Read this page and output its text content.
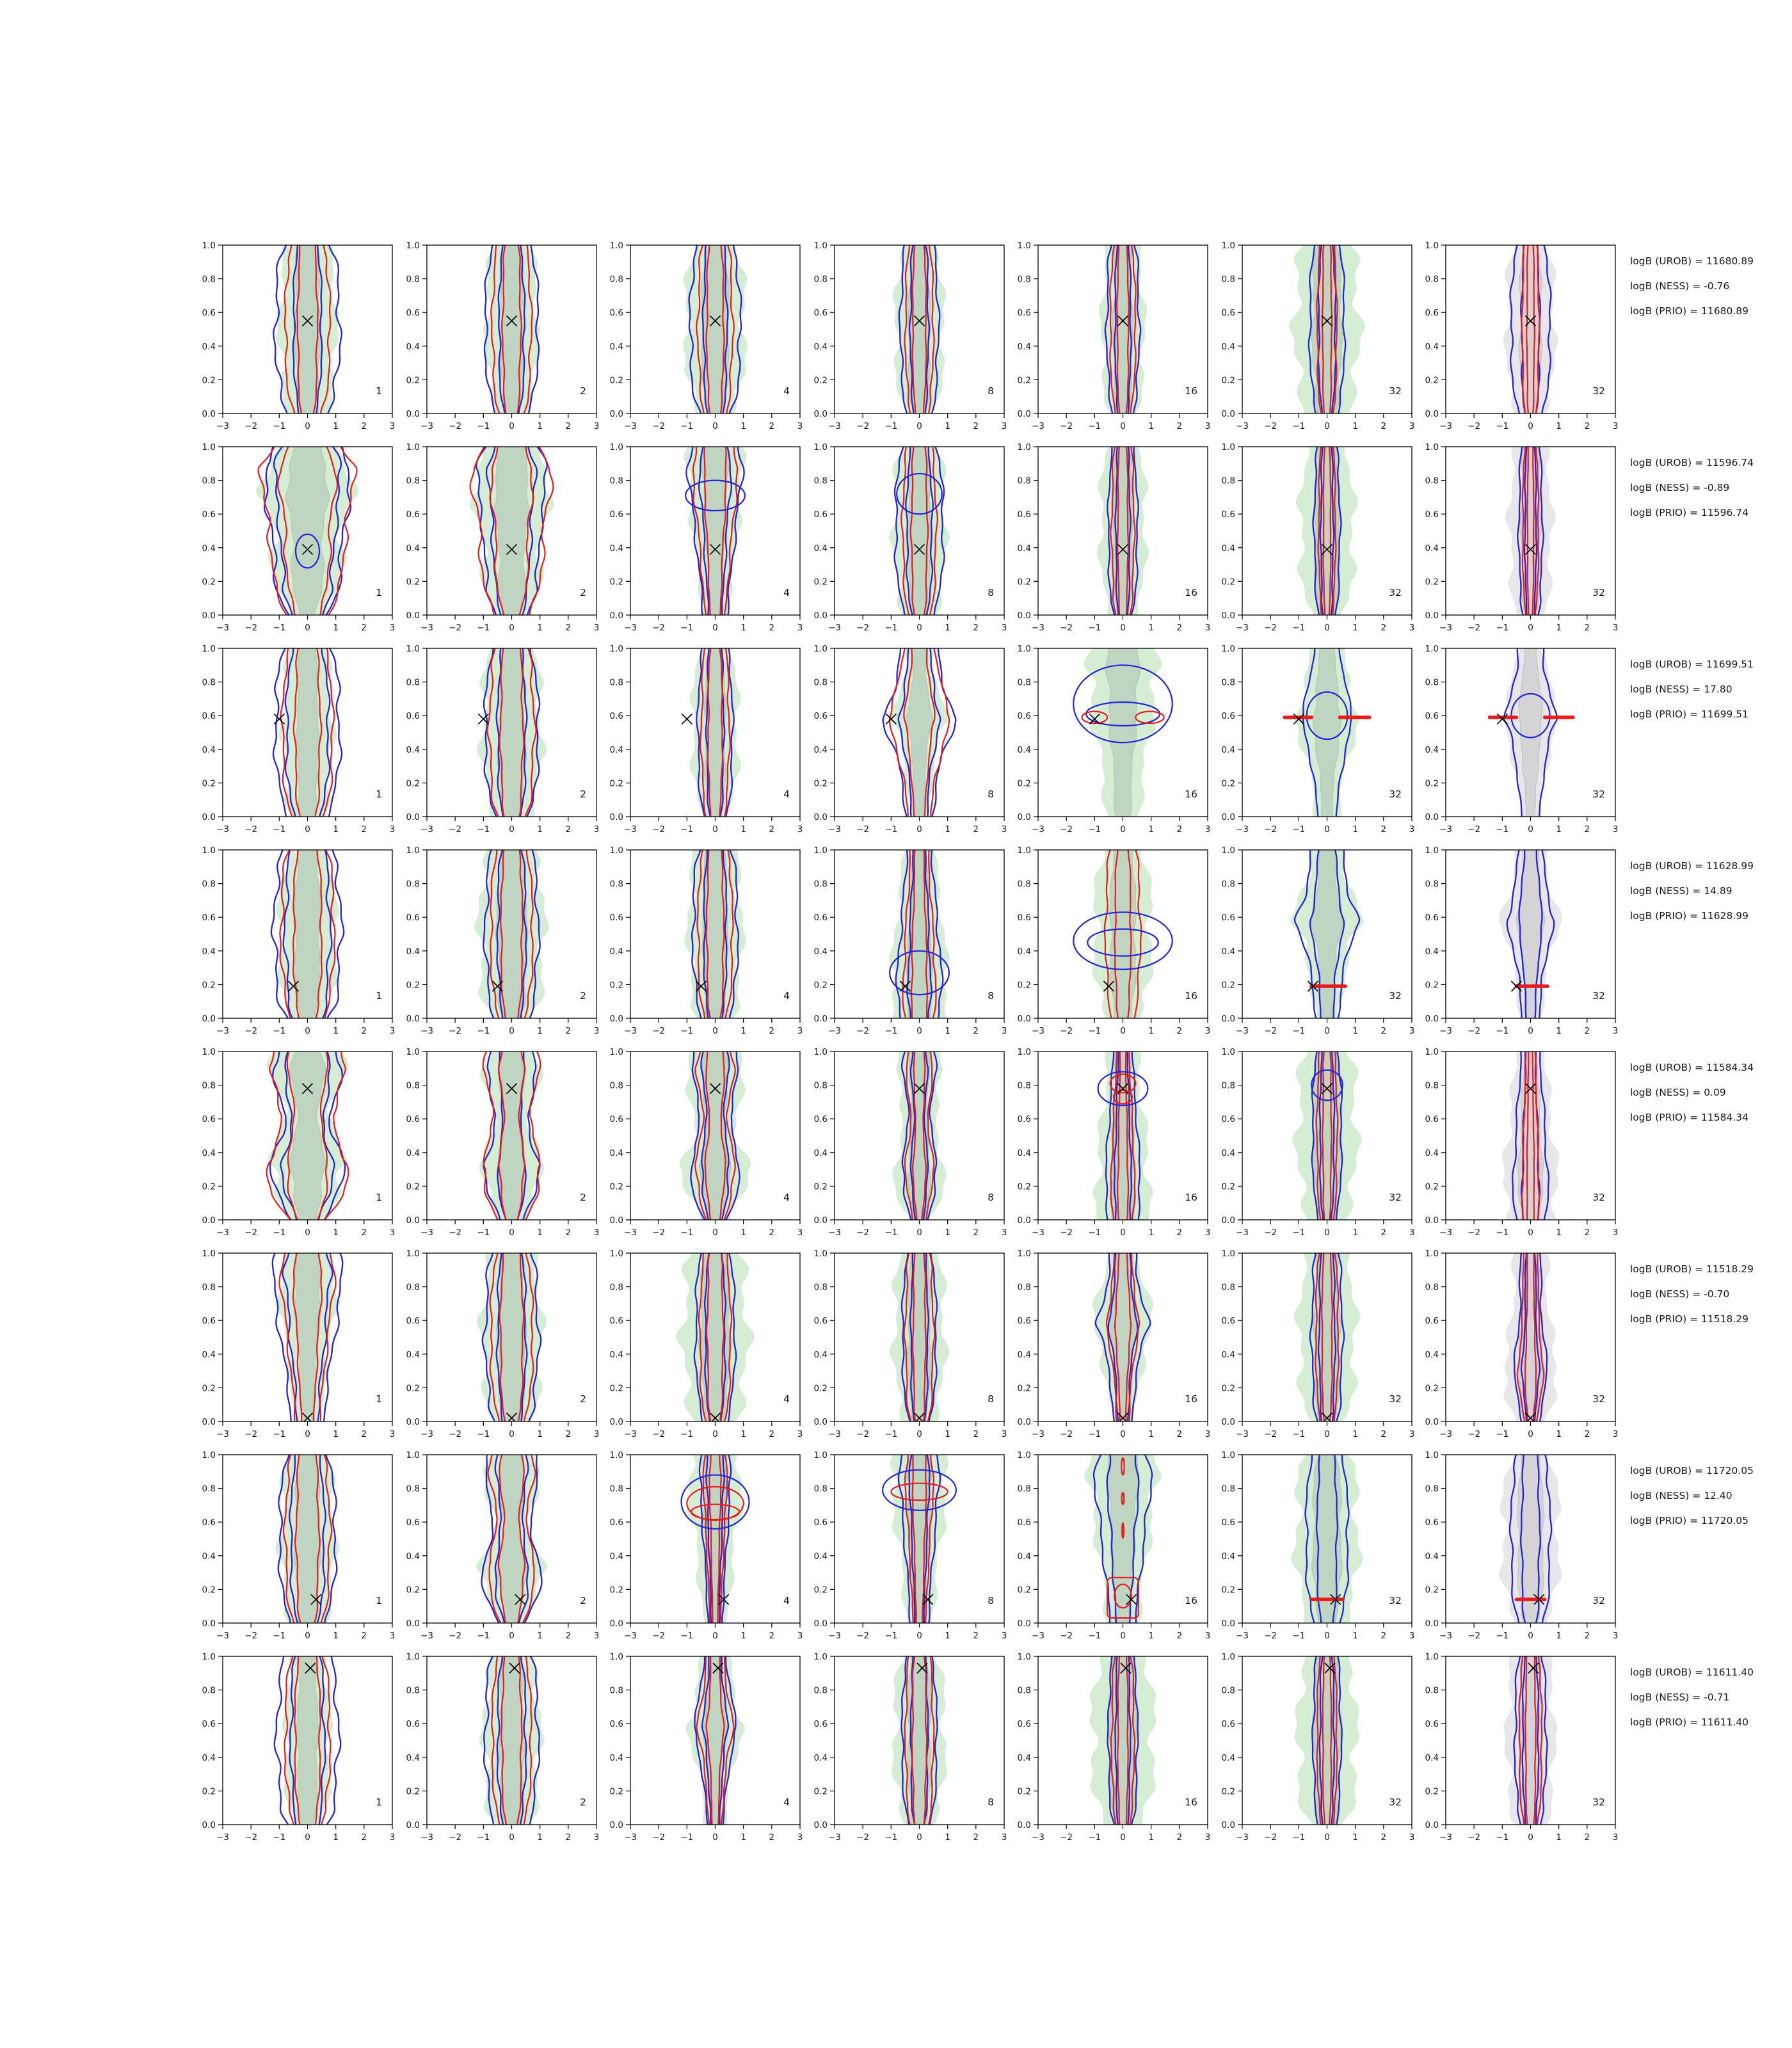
1
−3 −2 −1 0	1	2	3
0.0
0.2
0.4
0.6
0.8
1.0
2
−3 −2 −1 0	1	2	3
0.0
0.2
0.4
0.6
0.8
1.0
4
−3 −2 −1 0	1	2	3
0.0
0.2
0.4
0.6
0.8
1.0
8
−3 −2 −1 0	1	2	3
0.0
0.2
0.4
0.6
0.8
1.0
16
−3 −2 −1 0	1	2	3
0.0
0.2
0.4
0.6
0.8
1.0
32
−3 −2 −1 0	1	2	3
0.0
0.2
0.4
0.6
0.8
1.0
32
−3 −2 −1 0	1	2	3
0.0
0.2
0.4
0.6
0.8
1.0
1
−3 −2 −1 0	1	2	3
0.0
0.2
0.4
0.6
0.8
1.0
2
−3 −2 −1 0	1	2	3
0.0
0.2
0.4
0.6
0.8
1.0
4
−3 −2 −1 0	1	2	3
0.0
0.2
0.4
0.6
0.8
1.0
8
−3 −2 −1 0	1	2	3
0.0
0.2
0.4
0.6
0.8
1.0
16
−3 −2 −1 0	1	2	3
0.0
0.2
0.4
0.6
0.8
1.0
32
−3 −2 −1 0	1	2	3
0.0
0.2
0.4
0.6
0.8
1.0
32
−3 −2 −1 0	1	2	3
0.0
0.2
0.4
0.6
0.8
1.0
1
−3 −2 −1 0	1	2	3
0.0
0.2
0.4
0.6
0.8
1.0
2
−3 −2 −1 0	1	2	3
0.0
0.2
0.4
0.6
0.8
1.0
4
−3 −2 −1 0	1	2	3
0.0
0.2
0.4
0.6
0.8
1.0
8
−3 −2 −1 0	1	2	3
0.0
0.2
0.4
0.6
0.8
1.0
16
−3 −2 −1 0	1	2	3
0.0
0.2
0.4
0.6
0.8
1.0
32
−3 −2 −1 0	1	2	3
0.0
0.2
0.4
0.6
0.8
1.0
32
−3 −2 −1 0	1	2	3
0.0
0.2
0.4
0.6
0.8
1.0
1
−3 −2 −1 0	1	2	3
0.0
0.2
0.4
0.6
0.8
1.0
2
−3 −2 −1 0	1	2	3
0.0
0.2
0.4
0.6
0.8
1.0
4
−3 −2 −1 0	1	2	3
0.0
0.2
0.4
0.6
0.8
1.0
8
−3 −2 −1 0	1	2	3
0.0
0.2
0.4
0.6
0.8
1.0
16
−3 −2 −1 0	1	2	3
0.0
0.2
0.4
0.6
0.8
1.0
32
−3 −2 −1 0	1	2	3
0.0
0.2
0.4
0.6
0.8
1.0
32
−3 −2 −1 0	1	2	3
0.0
0.2
0.4
0.6
0.8
1.0
1
−3 −2 −1 0	1	2	3
0.0
0.2
0.4
0.6
0.8
1.0
2
−3 −2 −1 0	1	2	3
0.0
0.2
0.4
0.6
0.8
1.0
4
−3 −2 −1 0	1	2	3
0.0
0.2
0.4
0.6
0.8
1.0
8
−3 −2 −1 0	1	2	3
0.0
0.2
0.4
0.6
0.8
1.0
16
−3 −2 −1 0	1	2	3
0.0
0.2
0.4
0.6
0.8
1.0
32
−3 −2 −1 0	1	2	3
0.0
0.2
0.4
0.6
0.8
1.0
32
−3 −2 −1 0	1	2	3
0.0
0.2
0.4
0.6
0.8
1.0
1
−3 −2 −1 0	1	2	3
0.0
0.2
0.4
0.6
0.8
1.0
2
−3 −2 −1 0	1	2	3
0.0
0.2
0.4
0.6
0.8
1.0
4
−3 −2 −1 0	1	2	3
0.0
0.2
0.4
0.6
0.8
1.0
8
−3 −2 −1 0	1	2	3
0.0
0.2
0.4
0.6
0.8
1.0
16
−3 −2 −1 0	1	2	3
0.0
0.2
0.4
0.6
0.8
1.0
32
−3 −2 −1 0	1	2	3
0.0
0.2
0.4
0.6
0.8
1.0
32
−3 −2 −1 0	1	2	3
0.0
0.2
0.4
0.6
0.8
1.0
1
−3 −2 −1 0	1	2	3
0.0
0.2
0.4
0.6
0.8
1.0
2
−3 −2 −1 0	1	2	3
0.0
0.2
0.4
0.6
0.8
1.0
4
−3 −2 −1 0	1	2	3
0.0
0.2
0.4
0.6
0.8
1.0
8
−3 −2 −1 0	1	2	3
0.0
0.2
0.4
0.6
0.8
1.0
16
−3 −2 −1 0	1	2	3
0.0
0.2
0.4
0.6
0.8
1.0
32
−3 −2 −1 0	1	2	3
0.0
0.2
0.4
0.6
0.8
1.0
32
−3 −2 −1 0	1	2	3
0.0
0.2
0.4
0.6
0.8
1.0
1
−3 −2 −1 0	1	2	3
0.0
0.2
0.4
0.6
0.8
1.0
2
−3 −2 −1 0	1	2	3
0.0
0.2
0.4
0.6
0.8
1.0
4
−3 −2 −1 0	1	2	3
0.0
0.2
0.4
0.6
0.8
1.0
8
−3 −2 −1 0	1	2	3
0.0
0.2
0.4
0.6
0.8
1.0
16
−3 −2 −1 0	1	2	3
0.0
0.2
0.4
0.6
0.8
1.0
32
−3 −2 −1 0	1	2	3
0.0
0.2
0.4
0.6
0.8
1.0
32
−3 −2 −1 0	1	2	3
0.0
0.2
0.4
0.6
0.8
1.0
logB (UROB) = 11680.89
logB (NESS) = -0.76
logB (PRIO) = 11680.89
logB (UROB) = 11596.74
logB (NESS) = -0.89
logB (PRIO) = 11596.74
logB (UROB) = 11699.51
logB (NESS) = 17.80
logB (PRIO) = 11699.51
logB (UROB) = 11628.99
logB (NESS) = 14.89
logB (PRIO) = 11628.99
logB (UROB) = 11584.34
logB (NESS) = 0.09
logB (PRIO) = 11584.34
logB (UROB) = 11518.29
logB (NESS) = -0.70
logB (PRIO) = 11518.29
logB (UROB) = 11720.05
logB (NESS) = 12.40
logB (PRIO) = 11720.05
logB (UROB) = 11611.40
logB (NESS) = -0.71
logB (PRIO) = 11611.40
